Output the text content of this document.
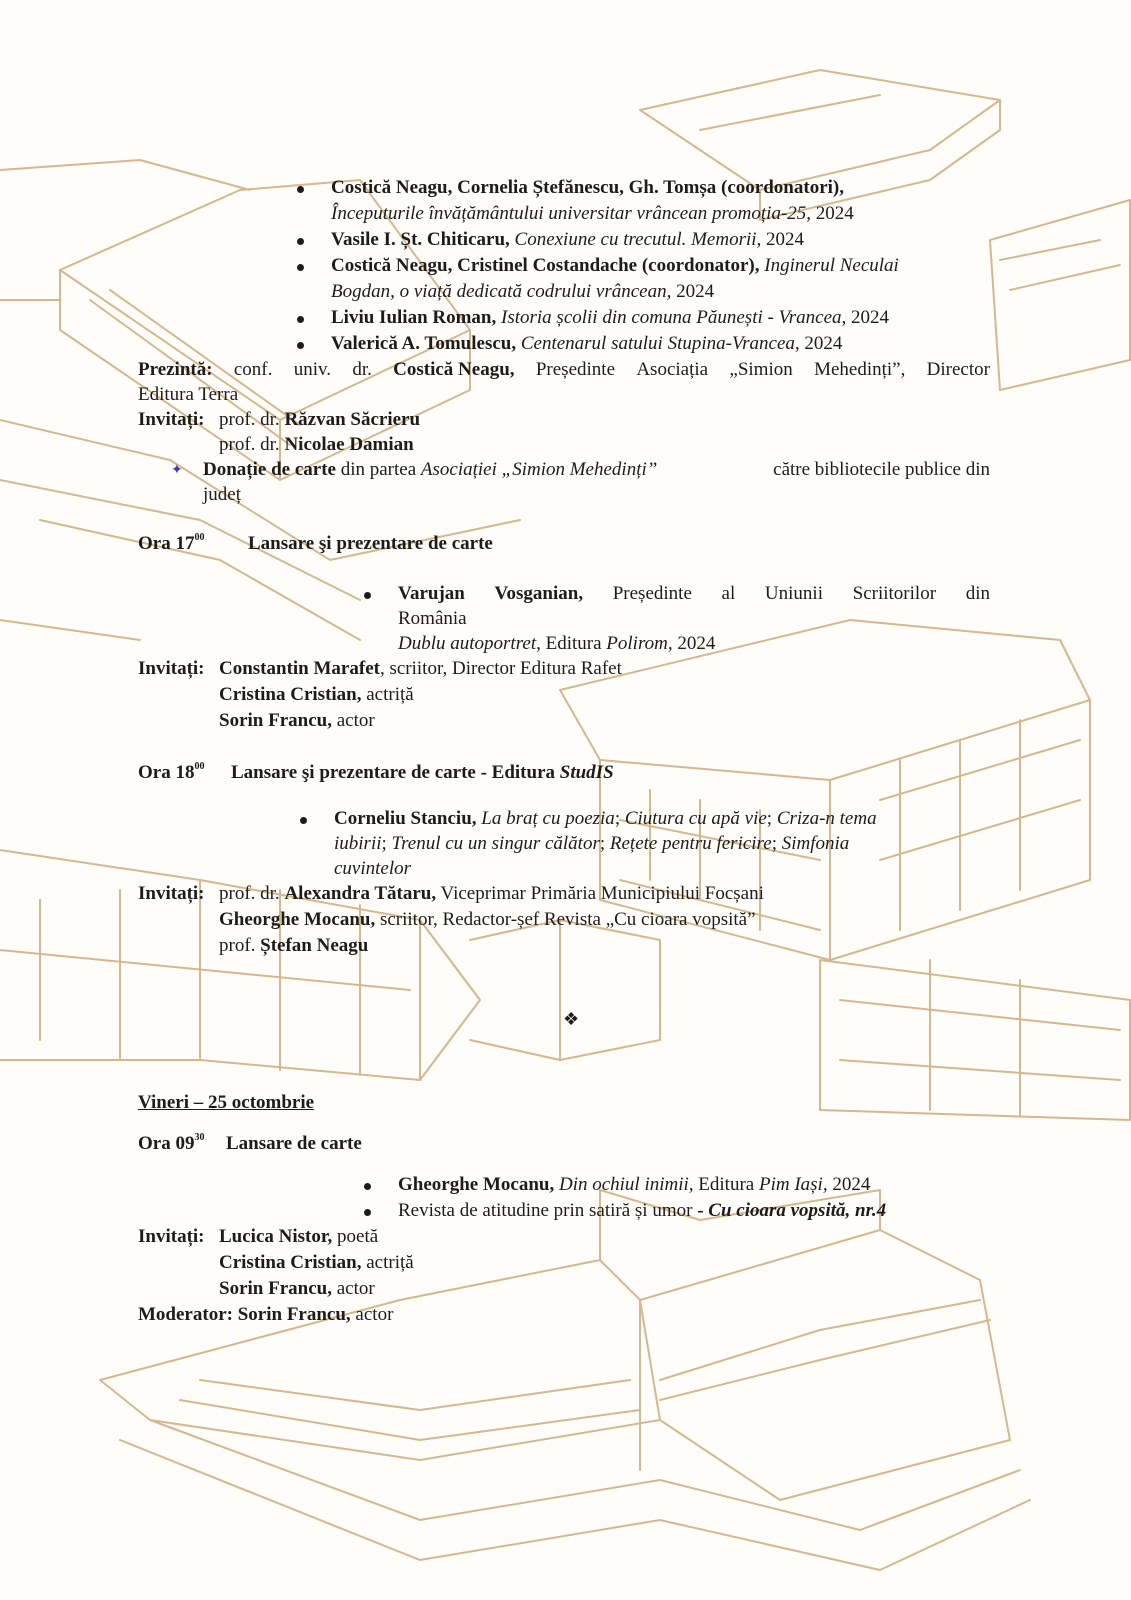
Costică Neagu, Cornelia Ștefănescu, Gh. Tomșa (coordonatori),
Începuturile învățământului universitar vrâncean promoția-25, 2024
Vasile I. Șt. Chiticaru, Conexiune cu trecutul. Memorii, 2024
Costică Neagu, Cristinel Costandache (coordonator), Inginerul Neculai
Bogdan, o viață dedicată codrului vrâncean, 2024
Liviu Iulian Roman, Istoria școlii din comuna Păunești - Vrancea, 2024
Valerică A. Tomulescu, Centenarul satului Stupina-Vrancea, 2024
Prezintă: conf. univ. dr. Costică Neagu, Președinte Asociația „Simion Mehedinți”, Director
Editura Terra
Invitați: prof. dr. Răzvan Săcrieru
prof. dr. Nicolae Damian
✦ Donație de carte din partea Asociației „Simion Mehedinți”	către bibliotecile publice din
județ
Ora $17^{00}$ Lansare şi prezentare de carte
Varujan Vosganian, Președinte al Uniunii Scriitorilor din
România
Dublu autoportret, Editura Polirom, 2024
Invitați: Constantin Marafet, scriitor, Director Editura Rafet
Cristina Cristian, actriță
Sorin Francu, actor
Ora $18^{00}$ Lansare şi prezentare de carte - Editura StudIS
Corneliu Stanciu, La braț cu poezia; Ciutura cu apă vie; Criza-n tema
iubirii; Trenul cu un singur călător; Rețete pentru fericire; Simfonia
cuvintelor
Invitați: prof. dr. Alexandra Tătaru, Viceprimar Primăria Municipiului Focșani
Gheorghe Mocanu, scriitor, Redactor-șef Revista „Cu cioara vopsită”
prof. Ștefan Neagu
❖
Vineri – 25 octombrie
Ora $09^{30}$ Lansare de carte
Gheorghe Mocanu, Din ochiul inimii, Editura Pim Iași, 2024
Revista de atitudine prin satiră și umor - Cu cioara vopsită, nr.4
Invitați: Lucica Nistor, poetă
Cristina Cristian, actriță
Sorin Francu, actor
Moderator: Sorin Francu, actor
